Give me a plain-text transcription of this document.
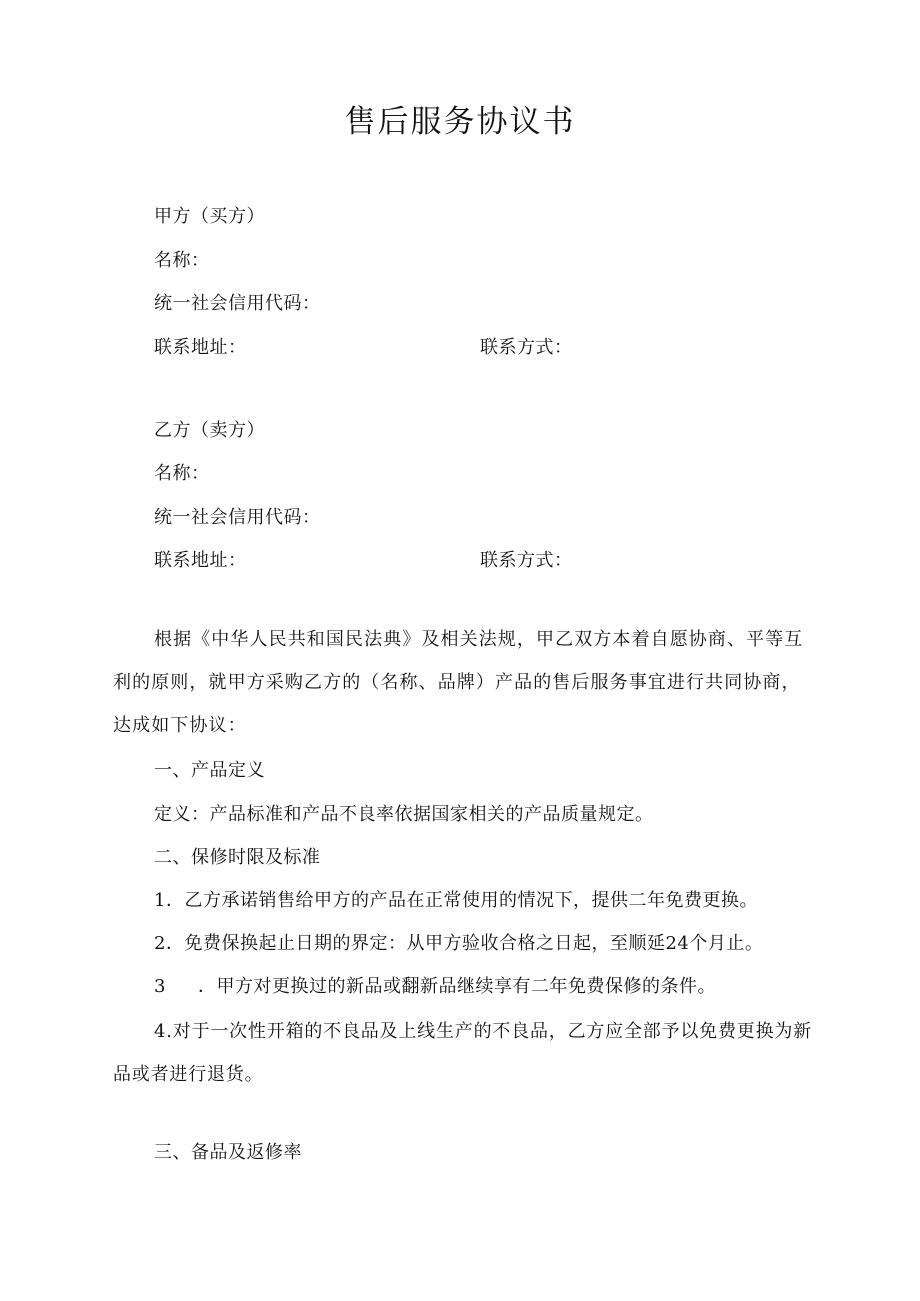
售后服务协议书
甲方（买方）
名称：
统一社会信用代码：
联系地址：	联系方式：
乙方（卖方）
名称：
统一社会信用代码：
联系地址：	联系方式：

根据《中华人民共和国民法典》及相关法规，甲乙双方本着自愿协商、平等互利的原则，就甲方采购乙方的（名称、品牌）产品的售后服务事宜进行共同协商，达成如下协议：

一、产品定义
定义：产品标准和产品不良率依据国家相关的产品质量规定。
二、保修时限及标准
1．乙方承诺销售给甲方的产品在正常使用的情况下，提供二年免费更换。
2．免费保换起止日期的界定：从甲方验收合格之日起，至顺延24个月止。
3 ．甲方对更换过的新品或翻新品继续享有二年免费保修的条件。

4.对于一次性开箱的不良品及上线生产的不良品，乙方应全部予以免费更换为新品或者进行退货。

三、备品及返修率
